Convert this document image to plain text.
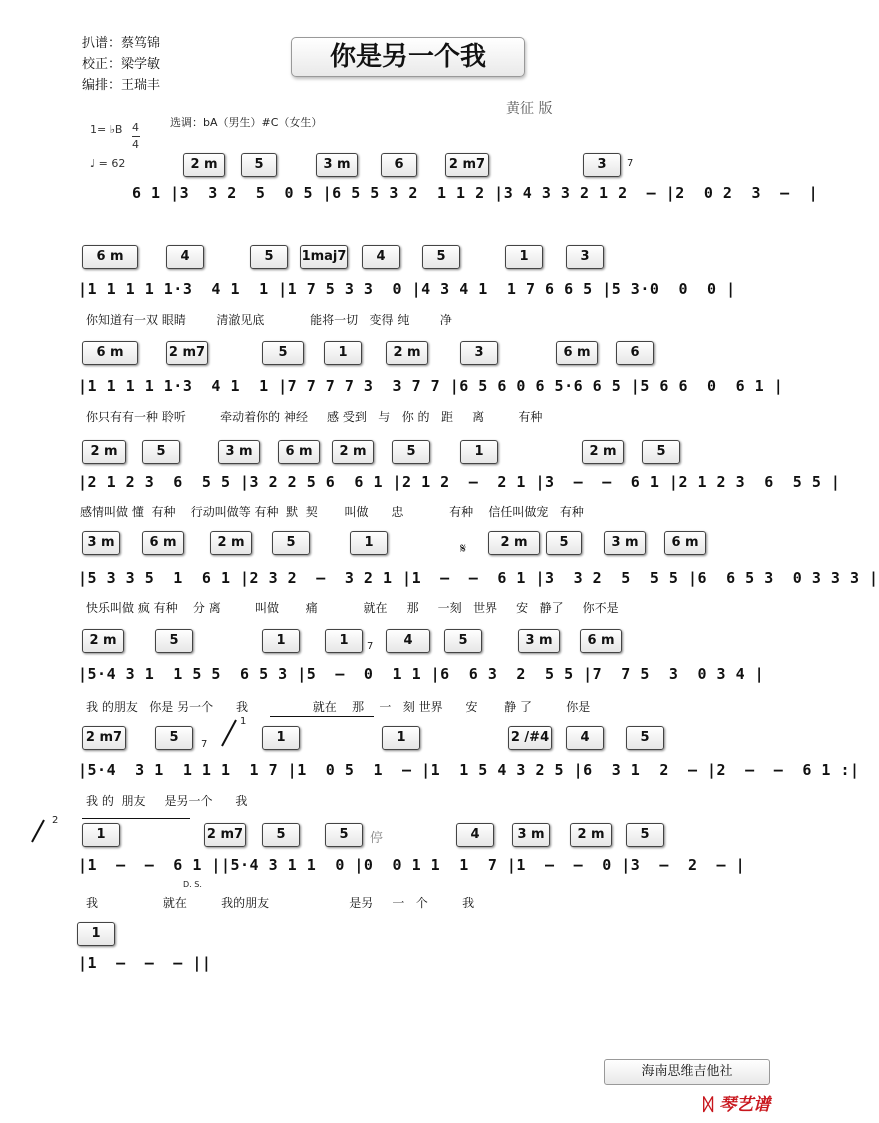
扒谱：蔡笃锦
校正：梁学敏
编排：王瑞丰
你是另一个我
黄征 版
1= ♭B 4
4
♩ = 62
选调：bA（男生）#C（女生）
2 m	5	3 m	6	2 m7	3	7
6 1 |3  3 2  5  0 5 |6 5 5 3 2  1 1 2 |3 4 3 3 2 1 2  – |2  0 2  3  –  |
6 m	4	5	1maj7	4	5	1	3
|1 1 1 1 1·3  4 1  1 |1 7 5 3 3  0 |4 3 4 1  1 7 6 6 5 |5 3·0  0  0 |
你知道有一双 眼睛        清澈见底            能将一切   变得 纯        净
6 m	2 m7	5	1	2 m	3	6 m	6
|1 1 1 1 1·3  4 1  1 |7 7 7 7 3  3 7 7 |6 5 6 0 6 5·6 6 5 |5 6 6  0  6 1 |
你只有有一种 聆听         牵动着你的 神经     感 受到   与   你 的   距     离         有种
2 m	5	3 m	6 m	2 m	5	1	2 m	5
|2 1 2 3  6  5 5 |3 2 2 5 6  6 1 |2 1 2  –  2 1 |3  –  –  6 1 |2 1 2 3  6  5 5 |
感情叫做 懂  有种    行动叫做等 有种  默  契       叫做      忠            有种    信任叫做宠   有种
3 m	6 m	2 m	5	1	𝄋	2 m	5	3 m	6 m
|5 3 3 5  1  6 1 |2 3 2  –  3 2 1 |1  –  –  6 1 |3  3 2  5  5 5 |6  6 5 3  0 3 3 3 |
快乐叫做 疯 有种    分 离         叫做       痛            就在     那     一刻   世界     安   静了     你不是
2 m	5	1	1	7	4	5	3 m	6 m
|5·4 3 1  1 5 5  6 5 3 |5  –  0  1 1 |6  6 3  2  5 5 |7  7 5  3  0 3 4 |
我 的朋友   你是 另一个      我                 就在    那    一   刻 世界      安       静 了         你是
2 m7	5	7
1
1	1	2 /#4	4	5
|5·4  3 1  1 1 1  1 7 |1  0 5  1  – |1  1 5 4 3 2 5 |6  3 1  2  – |2  –  –  6 1 :|
我 的  朋友     是另一个      我
2
1	2 m7	5	5	停	4	3 m	2 m	5
|1  –  –  6 1 ||5·4 3 1 1  0 |0  0 1 1  1  7 |1  –  –  0 |3  –  2  – |
D. S.
我                 就在         我的朋友                     是另     一   个         我
1
|1  –  –  – ||
海南思维吉他社
ᛞ 琴艺谱
